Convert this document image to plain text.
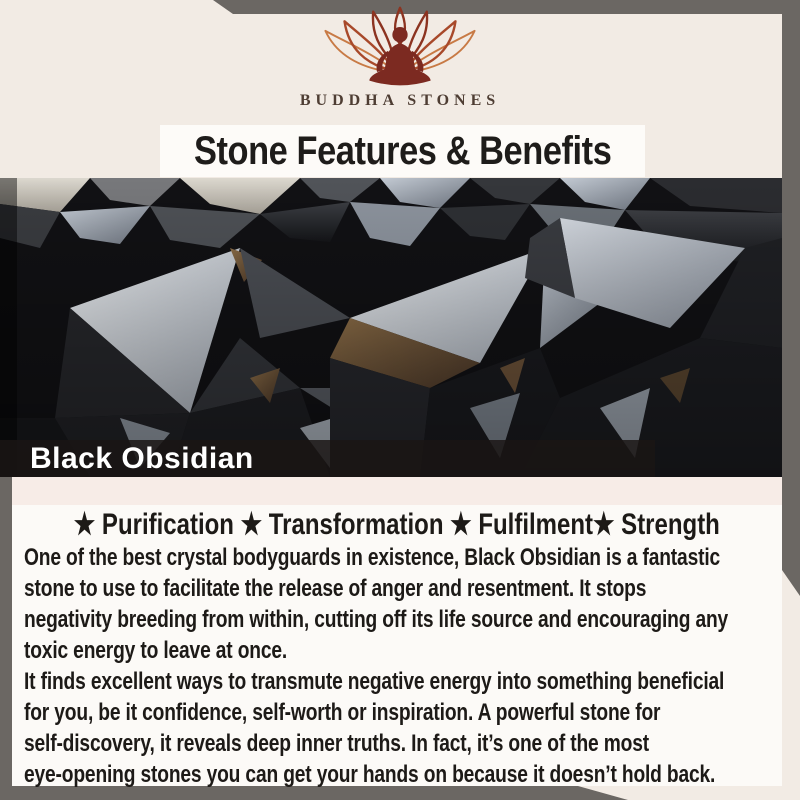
BUDDHA STONES
Stone Features & Benefits
Black Obsidian
★ Purification ★ Transformation ★ Fulfilment★ Strength
One of the best crystal bodyguards in existence, Black Obsidian is a fantastic
stone to use to facilitate the release of anger and resentment. It stops
negativity breeding from within, cutting off its life source and encouraging any
toxic energy to leave at once.
It finds excellent ways to transmute negative energy into something beneficial
for you, be it confidence, self-worth or inspiration. A powerful stone for
self-discovery, it reveals deep inner truths. In fact, it’s one of the most
eye-opening stones you can get your hands on because it doesn’t hold back.
